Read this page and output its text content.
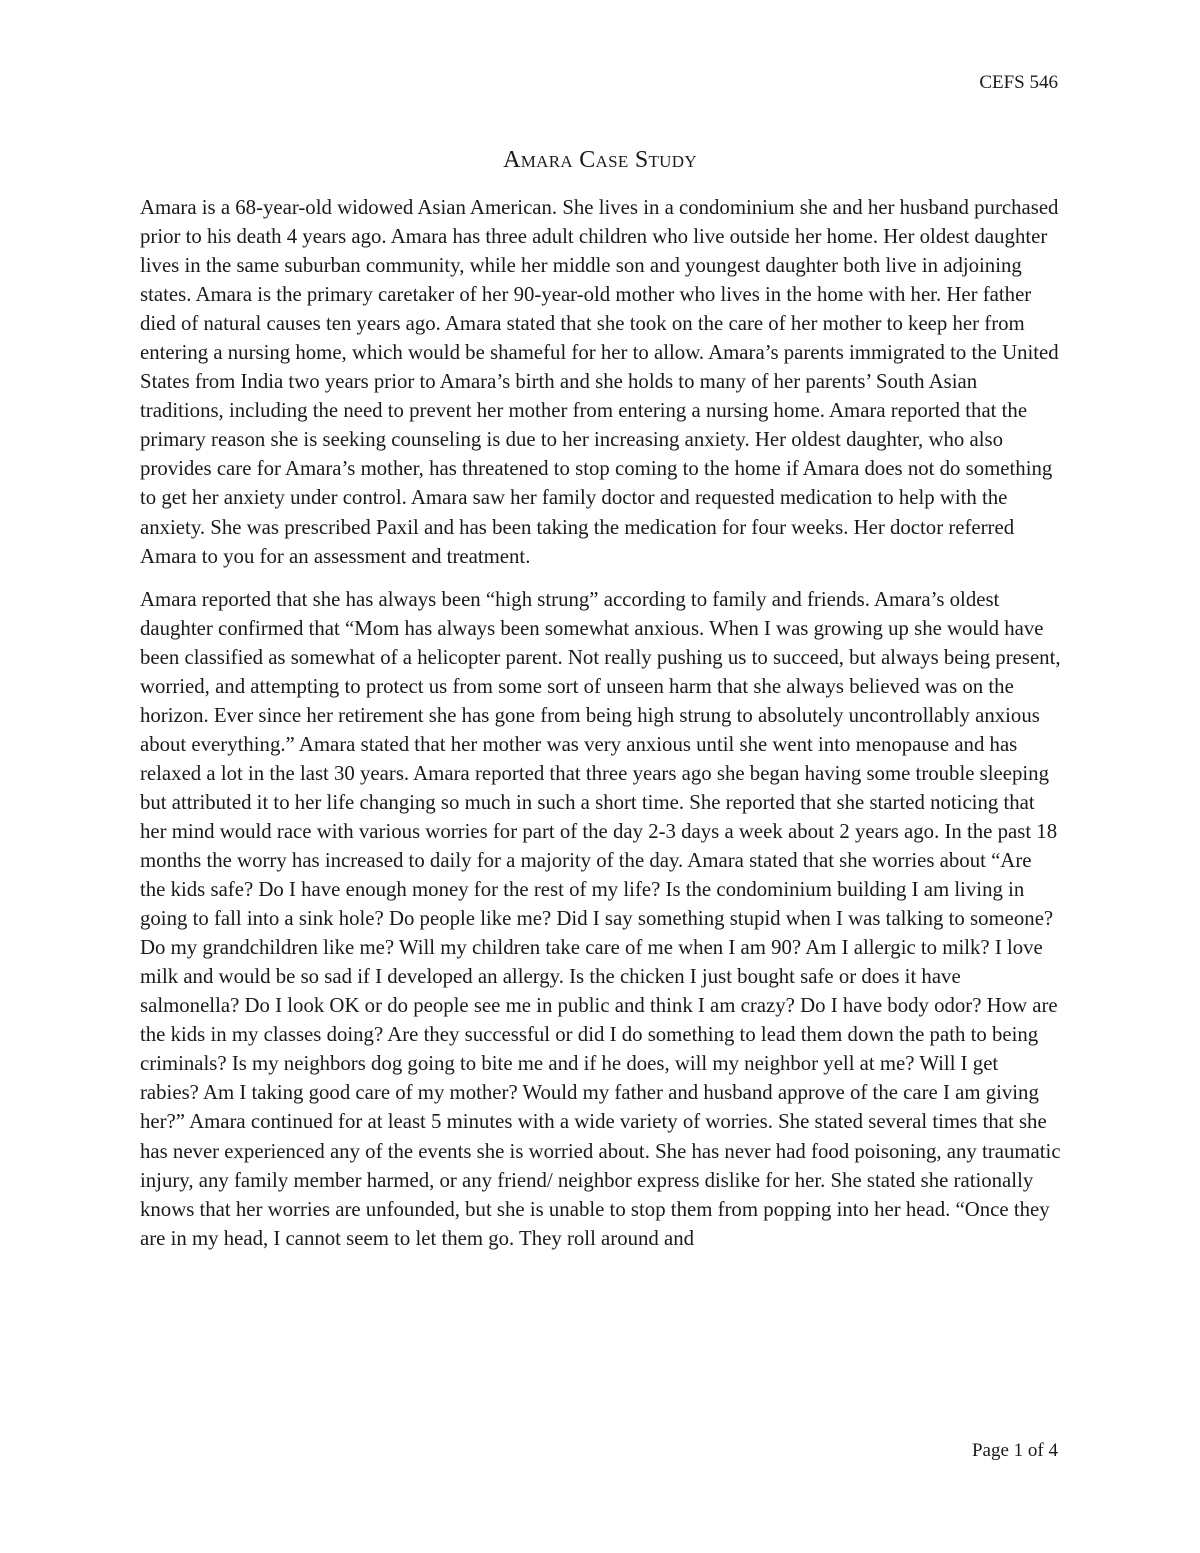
CEFS 546
Amara Case Study

Amara is a 68-year-old widowed Asian American. She lives in a condominium she and her husband purchased prior to his death 4 years ago. Amara has three adult children who live outside her home. Her oldest daughter lives in the same suburban community, while her middle son and youngest daughter both live in adjoining states. Amara is the primary caretaker of her 90-year-old mother who lives in the home with her. Her father died of natural causes ten years ago. Amara stated that she took on the care of her mother to keep her from entering a nursing home, which would be shameful for her to allow. Amara’s parents immigrated to the United States from India two years prior to Amara’s birth and she holds to many of her parents’ South Asian traditions, including the need to prevent her mother from entering a nursing home. Amara reported that the primary reason she is seeking counseling is due to her increasing anxiety. Her oldest daughter, who also provides care for Amara’s mother, has threatened to stop coming to the home if Amara does not do something to get her anxiety under control. Amara saw her family doctor and requested medication to help with the anxiety. She was prescribed Paxil and has been taking the medication for four weeks. Her doctor referred Amara to you for an assessment and treatment.

Amara reported that she has always been “high strung” according to family and friends. Amara’s oldest daughter confirmed that “Mom has always been somewhat anxious. When I was growing up she would have been classified as somewhat of a helicopter parent. Not really pushing us to succeed, but always being present, worried, and attempting to protect us from some sort of unseen harm that she always believed was on the horizon. Ever since her retirement she has gone from being high strung to absolutely uncontrollably anxious about everything.” Amara stated that her mother was very anxious until she went into menopause and has relaxed a lot in the last 30 years. Amara reported that three years ago she began having some trouble sleeping but attributed it to her life changing so much in such a short time. She reported that she started noticing that her mind would race with various worries for part of the day 2-3 days a week about 2 years ago. In the past 18 months the worry has increased to daily for a majority of the day. Amara stated that she worries about “Are the kids safe? Do I have enough money for the rest of my life? Is the condominium building I am living in going to fall into a sink hole? Do people like me? Did I say something stupid when I was talking to someone? Do my grandchildren like me? Will my children take care of me when I am 90? Am I allergic to milk? I love milk and would be so sad if I developed an allergy. Is the chicken I just bought safe or does it have salmonella? Do I look OK or do people see me in public and think I am crazy? Do I have body odor? How are the kids in my classes doing? Are they successful or did I do something to lead them down the path to being criminals? Is my neighbors dog going to bite me and if he does, will my neighbor yell at me? Will I get rabies? Am I taking good care of my mother? Would my father and husband approve of the care I am giving her?” Amara continued for at least 5 minutes with a wide variety of worries. She stated several times that she has never experienced any of the events she is worried about. She has never had food poisoning, any traumatic injury, any family member harmed, or any friend/ neighbor express dislike for her. She stated she rationally knows that her worries are unfounded, but she is unable to stop them from popping into her head. “Once they are in my head, I cannot seem to let them go. They roll around and

Page 1 of 4
